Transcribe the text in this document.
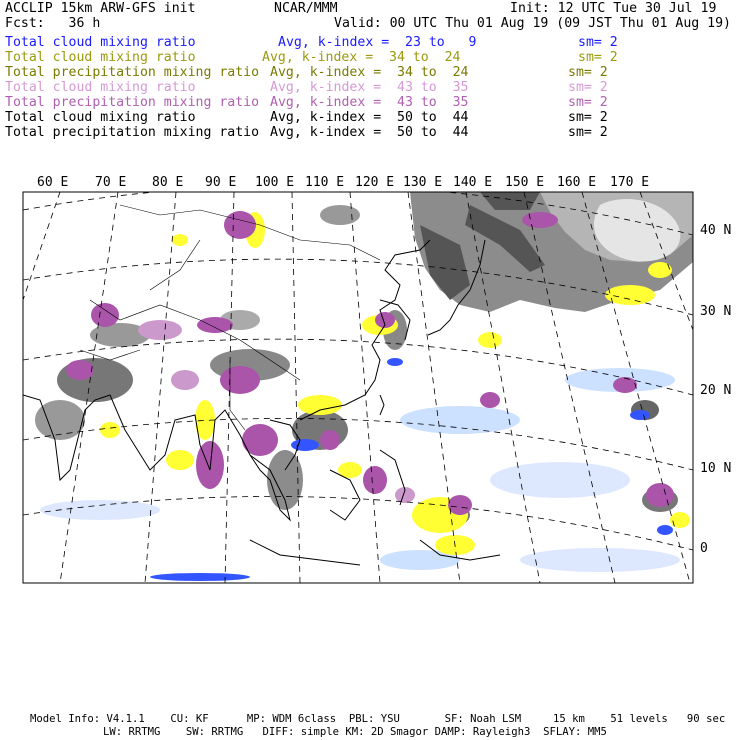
ACCLIP 15km ARW-GFS init	NCAR/MMM	Init: 12 UTC Tue 30 Jul 19
Fcst:   36 h	Valid: 00 UTC Thu 01 Aug 19 (09 JST Thu 01 Aug 19)
Total cloud mixing ratio	Avg, k-index =  23 to   9	sm= 2
Total cloud mixing ratio	Avg, k-index =  34 to  24	sm= 2
Total precipitation mixing ratio Avg, k-index =  34 to  24	sm= 2
Total cloud mixing ratio	Avg, k-index =  43 to  35	sm= 2
Total precipitation mixing ratio Avg, k-index =  43 to  35	sm= 2
Total cloud mixing ratio	Avg, k-index =  50 to  44	sm= 2
Total precipitation mixing ratio Avg, k-index =  50 to  44	sm= 2
60 E 70 E 80 E 90 E 100 E 110 E 120 E 130 E 140 E 150 E 160 E 170 E
40 N
30 N
20 N
10 N
0
Model Info: V4.1.1    CU: KF      MP: WDM 6class  PBL: YSU       SF: Noah LSM     15 km    51 levels   90 sec
LW: RRTMG    SW: RRTMG   DIFF: simple KM: 2D Smagor DAMP: Rayleigh3  SFLAY: MM5
